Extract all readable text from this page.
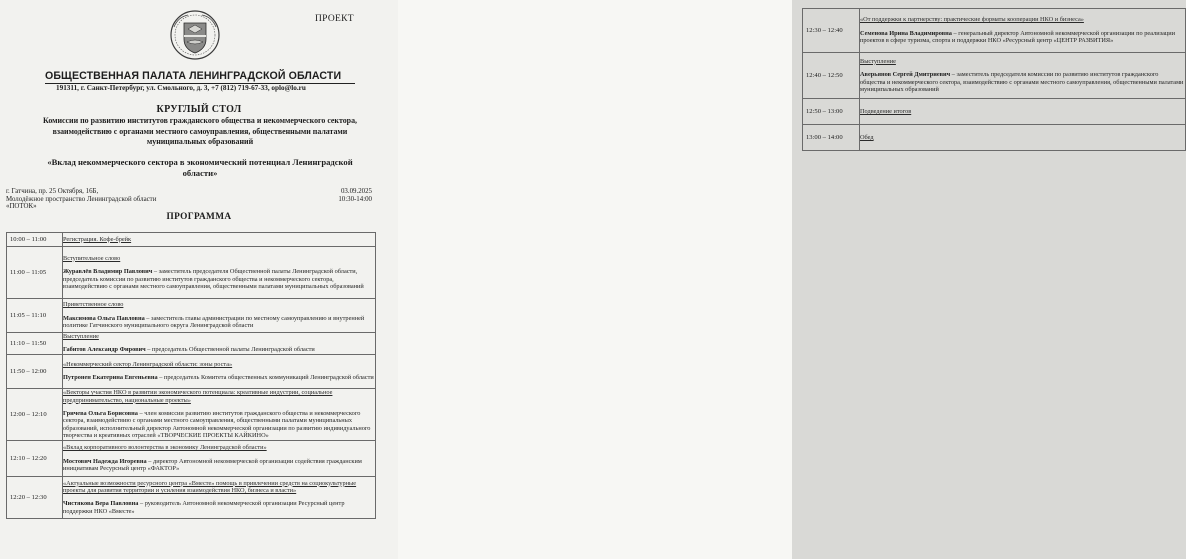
ПРОЕКТ
ОБЩЕСТВЕННАЯ ПАЛАТА ЛЕНИНГРАДСКОЙ ОБЛАСТИ
191311, г. Санкт-Петербург, ул. Смольного, д. 3, +7 (812) 719-67-33, oplo@lo.ru
КРУГЛЫЙ СТОЛ
Комиссии по развитию институтов гражданского общества и некоммерческого сектора, взаимодействию с органами местного самоуправления, общественными палатами муниципальных образований
«Вклад некоммерческого сектора в экономический потенциал Ленинградской области»
г. Гатчина, пр. 25 Октября, 16Б,
Молодёжное пространство Ленинградской области
«ПОТОК»
03.09.2025
10:30-14:00
ПРОГРАММА
10:00 – 11:00	Регистрация. Кофе-брейк

11:00 – 11:05	Вступительное слово
Журавлёв Владимир Павлович – заместитель председателя Общественной палаты Ленинградской области, председатель комиссии по развитию институтов гражданского общества и некоммерческого сектора, взаимодействию с органами местного самоуправления, общественными палатами муниципальных образований

11:05 – 11:10	Приветственное слово
Максимова Ольга Павловна – заместитель главы администрации по местному самоуправлению и внутренней политике Гатчинского муниципального округа Ленинградской области

11:10 – 11:50	Выступление
Габитов Александр Фирович – председатель Общественной палаты Ленинградской области

11:50 – 12:00	«Некоммерческий сектор Ленинградской области: зоны роста»
Путронен Екатерина Евгеньевна – председатель Комитета общественных коммуникаций Ленинградской области

12:00 – 12:10	«Векторы участия НКО в развитии экономического потенциала: креативные индустрии, социальное предпринимательство, национальные проекты»
Гричева Ольга Борисовна – член комиссии развитию институтов гражданского общества и некоммерческого сектора, взаимодействию с органами местного самоуправления, общественными палатами муниципальных образований, исполнительный директор Автономной некоммерческой организации по развитию индивидуального творчества и креативных отраслей «ТВОРЧЕСКИЕ ПРОЕКТЫ КАЙКИНО»

12:10 – 12:20	«Вклад корпоративного волонтерства в экономику Ленинградской области»
Мостович Надежда Игоревна – директор Автономной некоммерческой организации содействия гражданским инициативам Ресурсный центр «ФАКТОР»

12:20 – 12:30	«Актуальные возможности ресурсного центра «Вместе» помощь в привлечении средств на социокультурные проекты для развития территории и усиления взаимодействия НКО, бизнеса и власти»
Чистякова Вера Павловна – руководитель Автономной некоммерческой организации Ресурсный центр поддержки НКО «Вместе»
12:30 – 12:40	«От поддержки к партнерству: практические форматы кооперации НКО и бизнеса»
Семенова Ирина Владимировна – генеральный директор Автономной некоммерческой организации по реализации проектов в сфере туризма, спорта и поддержки НКО «Ресурсный центр «ЦЕНТР РАЗВИТИЯ»

12:40 – 12:50	Выступление
Аверьянов Сергей Дмитриевич – заместитель председателя комиссии по развитию институтов гражданского общества и некоммерческого сектора, взаимодействию с органами местного самоуправления, общественными палатами муниципальных образований

12:50 – 13:00	Подведение итогов

13:00 – 14:00	Обед
